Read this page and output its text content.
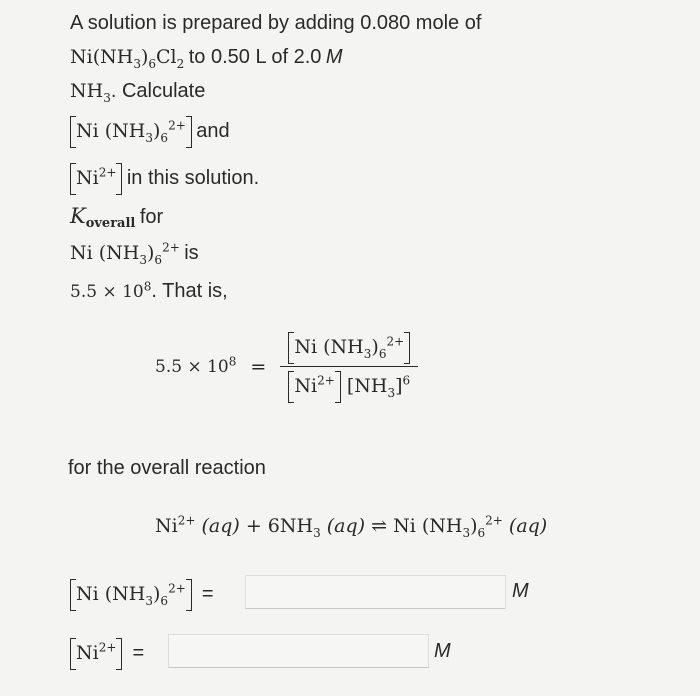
A solution is prepared by adding 0.080 mole of
$Ni(NH_3)_6Cl_2$ to 0.50 L of 2.0 M
$NH_3$. Calculate
Ni $(NH_3)_6^{2+}$ and
$Ni^{2+}$ in this solution.
$K_{overall}$ for
Ni $(NH_3)_6^{2+}$ is
$5.5 \times 10^8$. That is,
$5.5 \times 10^8 = \frac{Ni (NH_3)_6^{2+}}{Ni^{2+} [NH_3]^6}$
for the overall reaction
$Ni^{2+}$ $(aq) + 6NH_3$ (aq) ⇌ Ni $(NH_3)_6^{2+}$ (aq)
Ni $(NH_3)_6^{2+}$ =	M
$Ni^{2+}$ =	M
